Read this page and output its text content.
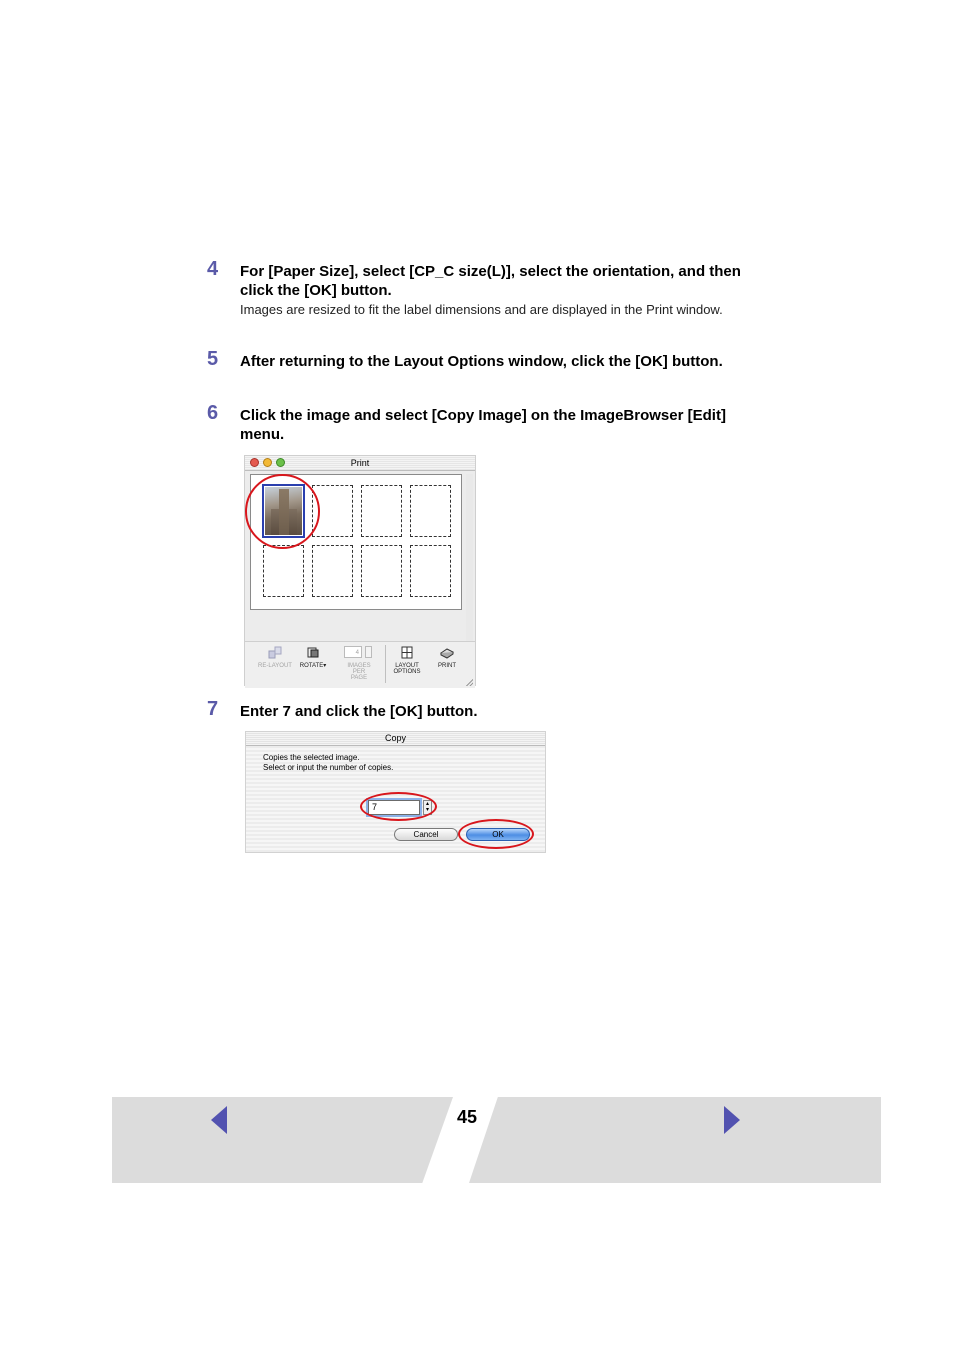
4 For [Paper Size], select [CP_C size(L)], select the orientation, and then click the [OK] button.
Images are resized to fit the label dimensions and are displayed in the Print window.
5 After returning to the Layout Options window, click the [OK] button.
6 Click the image and select [Copy Image] on the ImageBrowser [Edit] menu.
Print
RE-LAYOUT	ROTATE▾
4
IMAGES PER PAGE
LAYOUT OPTIONS
PRINT
7 Enter 7 and click the [OK] button.
Copy
Copies the selected image.
Select or input the number of copies.
7	▴
▾
Cancel	OK
45
